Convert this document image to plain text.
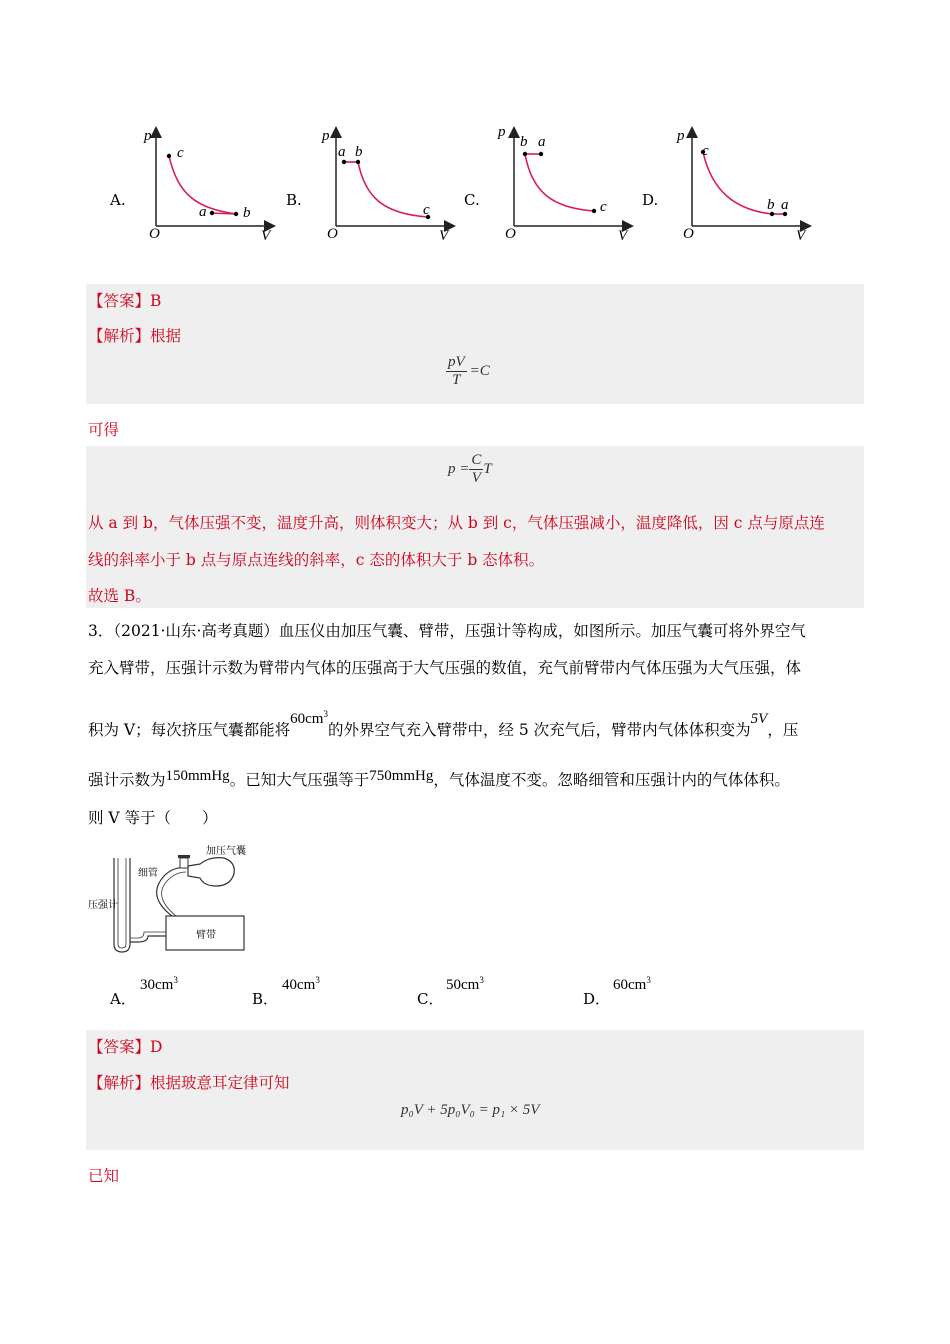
A.
p
V
O
c
a b
B.
p
V
O
a b
c
C.
p
V
O
b a
c D.
p
V
O
c
b a
【答案】B
【解析】根据
$\frac{pV}{T} =C$
可得
$p = \frac{C}{V}$ T
从 a 到 b，气体压强不变，温度升高，则体积变大；从 b 到 c，气体压强减小，温度降低，因 c 点与原点连
线的斜率小于 b 点与原点连线的斜率，c 态的体积大于 b 态体积。
故选 B。
3．（2021·山东·高考真题）血压仪由加压气囊、臂带，压强计等构成，如图所示。加压气囊可将外界空气
充入臂带，压强计示数为臂带内气体的压强高于大气压强的数值，充气前臂带内气体压强为大气压强，体
积为 V；每次挤压气囊都能将$60cm^3$的外界空气充入臂带中，经 5 次充气后，臂带内气体体积变为5V，压
强计示数为150mmHg。已知大气压强等于750mmHg，气体温度不变。忽略细管和压强计内的气体体积。
则 V 等于（　　）
加压气囊
细管
压强计
臂带
A．
$30cm^3$
B．
$40cm^3$
C．
$50cm^3$
D．
$60cm^3$
【答案】D
【解析】根据玻意耳定律可知
p₀V + 5p₀V₀ = p₁ × 5V
已知
